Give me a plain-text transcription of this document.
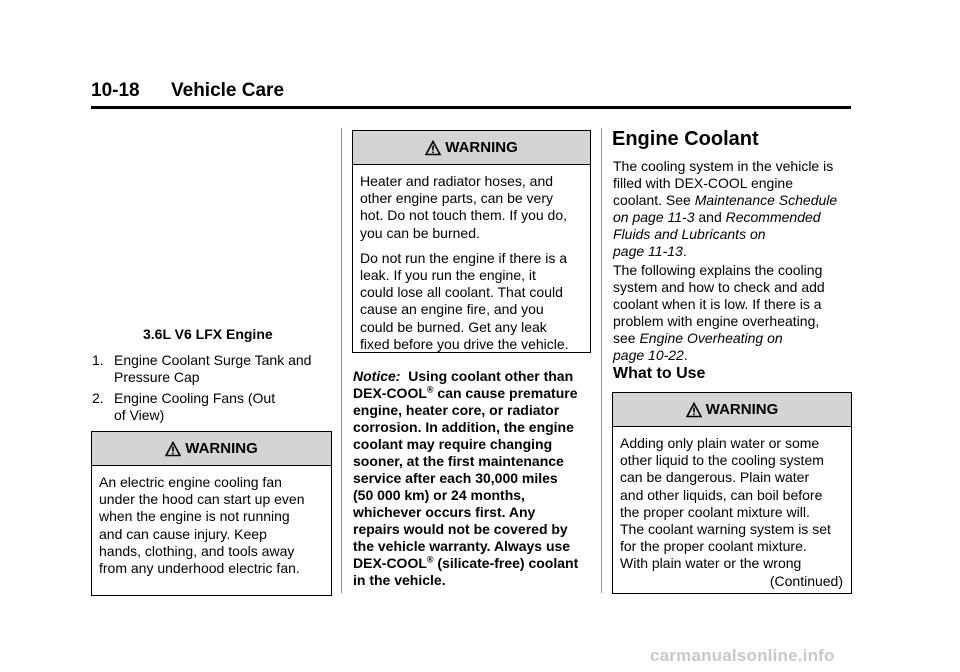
10-18 Vehicle Care
3.6L V6 LFX Engine
1. Engine Coolant Surge Tank and
Pressure Cap
2. Engine Cooling Fans (Out
of View)
WARNING
An electric engine cooling fan
under the hood can start up even
when the engine is not running
and can cause injury. Keep
hands, clothing, and tools away
from any underhood electric fan.
WARNING

Heater and radiator hoses, and
other engine parts, can be very
hot. Do not touch them. If you do,
you can be burned.

Do not run the engine if there is a
leak. If you run the engine, it
could lose all coolant. That could
cause an engine fire, and you
could be burned. Get any leak
fixed before you drive the vehicle.

Notice: Using coolant other than
DEX-COOL® can cause premature
engine, heater core, or radiator
corrosion. In addition, the engine
coolant may require changing
sooner, at the first maintenance
service after each 30,000 miles
(50 000 km) or 24 months,
whichever occurs first. Any
repairs would not be covered by
the vehicle warranty. Always use
DEX-COOL® (silicate-free) coolant
in the vehicle.
Engine Coolant
The cooling system in the vehicle is
filled with DEX-COOL engine
coolant. See Maintenance Schedule
on page 11-3 and Recommended
Fluids and Lubricants on
page 11-13.
The following explains the cooling
system and how to check and add
coolant when it is low. If there is a
problem with engine overheating,
see Engine Overheating on
page 10-22.
What to Use
WARNING
Adding only plain water or some
other liquid to the cooling system
can be dangerous. Plain water
and other liquids, can boil before
the proper coolant mixture will.
The coolant warning system is set
for the proper coolant mixture.
With plain water or the wrong
(Continued)
carmanualsonline.info
